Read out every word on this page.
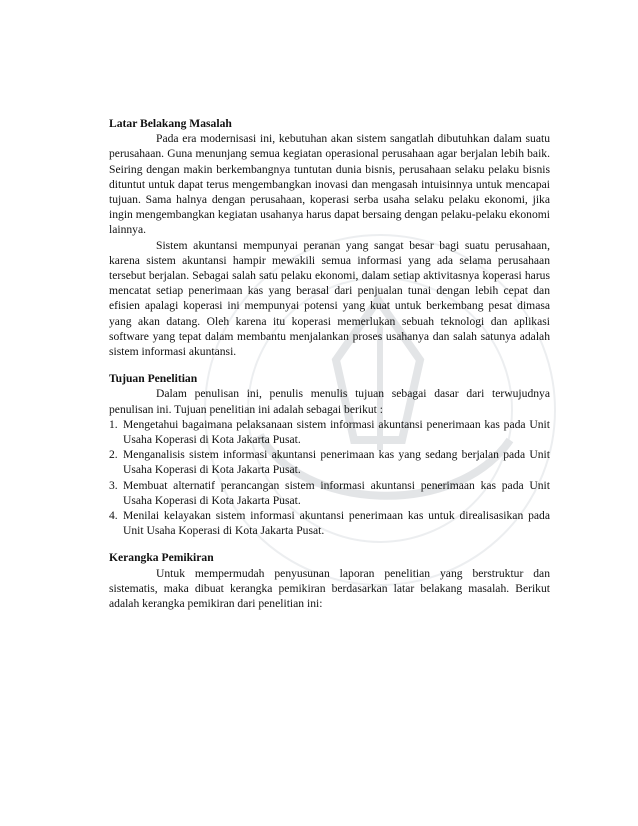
Latar Belakang Masalah

Pada era modernisasi ini, kebutuhan akan sistem sangatlah dibutuhkan dalam suatu perusahaan. Guna menunjang semua kegiatan operasional perusahaan agar berjalan lebih baik. Seiring dengan makin berkembangnya tuntutan dunia bisnis, perusahaan selaku pelaku bisnis dituntut untuk dapat terus mengembangkan inovasi dan mengasah intuisinnya untuk mencapai tujuan. Sama halnya dengan perusahaan, koperasi serba usaha selaku pelaku ekonomi, jika ingin mengembangkan kegiatan usahanya harus dapat bersaing dengan pelaku-pelaku ekonomi lainnya.

Sistem akuntansi mempunyai peranan yang sangat besar bagi suatu perusahaan, karena sistem akuntansi hampir mewakili semua informasi yang ada selama perusahaan tersebut berjalan. Sebagai salah satu pelaku ekonomi, dalam setiap aktivitasnya koperasi harus mencatat setiap penerimaan kas yang berasal dari penjualan tunai dengan lebih cepat dan efisien apalagi koperasi ini mempunyai potensi yang kuat untuk berkembang pesat dimasa yang akan datang. Oleh karena itu koperasi memerlukan sebuah teknologi dan aplikasi software yang tepat dalam membantu menjalankan proses usahanya dan salah satunya adalah sistem informasi akuntansi.

Tujuan Penelitian

Dalam penulisan ini, penulis menulis tujuan sebagai dasar dari terwujudnya penulisan ini. Tujuan penelitian ini adalah sebagai berikut :

1. Mengetahui bagaimana pelaksanaan sistem informasi akuntansi penerimaan kas pada Unit Usaha Koperasi di Kota Jakarta Pusat.
2. Menganalisis sistem informasi akuntansi penerimaan kas yang sedang berjalan pada Unit Usaha Koperasi di Kota Jakarta Pusat.
3. Membuat alternatif perancangan sistem informasi akuntansi penerimaan kas pada Unit Usaha Koperasi di Kota Jakarta Pusat.
4. Menilai kelayakan sistem informasi akuntansi penerimaan kas untuk direalisasikan pada Unit Usaha Koperasi di Kota Jakarta Pusat.
Kerangka Pemikiran

Untuk mempermudah penyusunan laporan penelitian yang berstruktur dan sistematis, maka dibuat kerangka pemikiran berdasarkan latar belakang masalah. Berikut adalah kerangka pemikiran dari penelitian ini:
